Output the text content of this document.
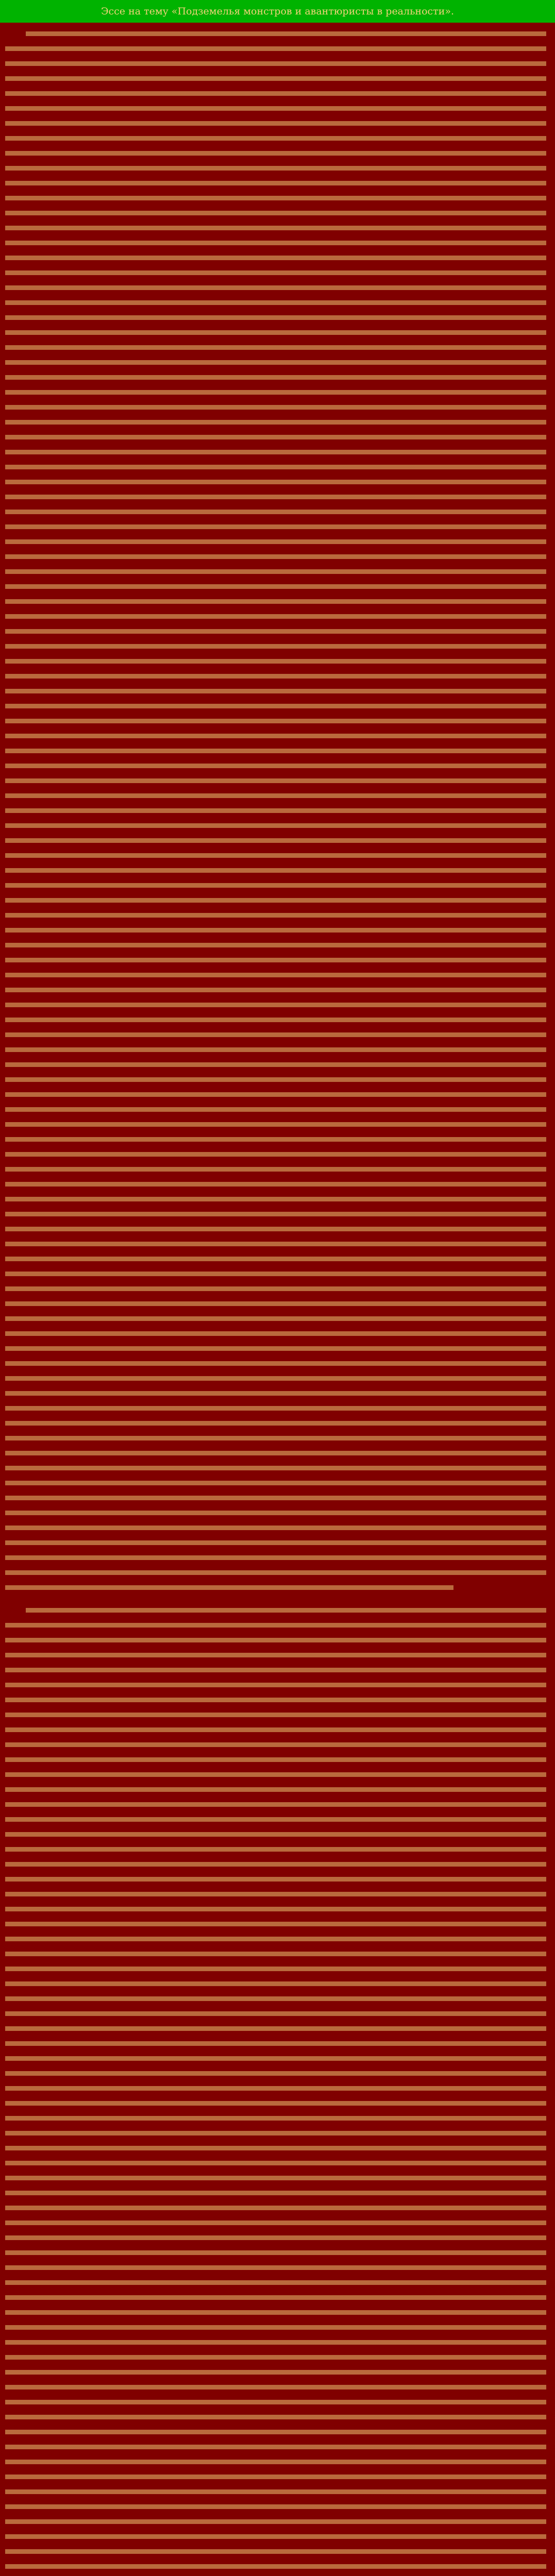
Эссе на тему «Подземелья монстров и авантюристы в реальности».
